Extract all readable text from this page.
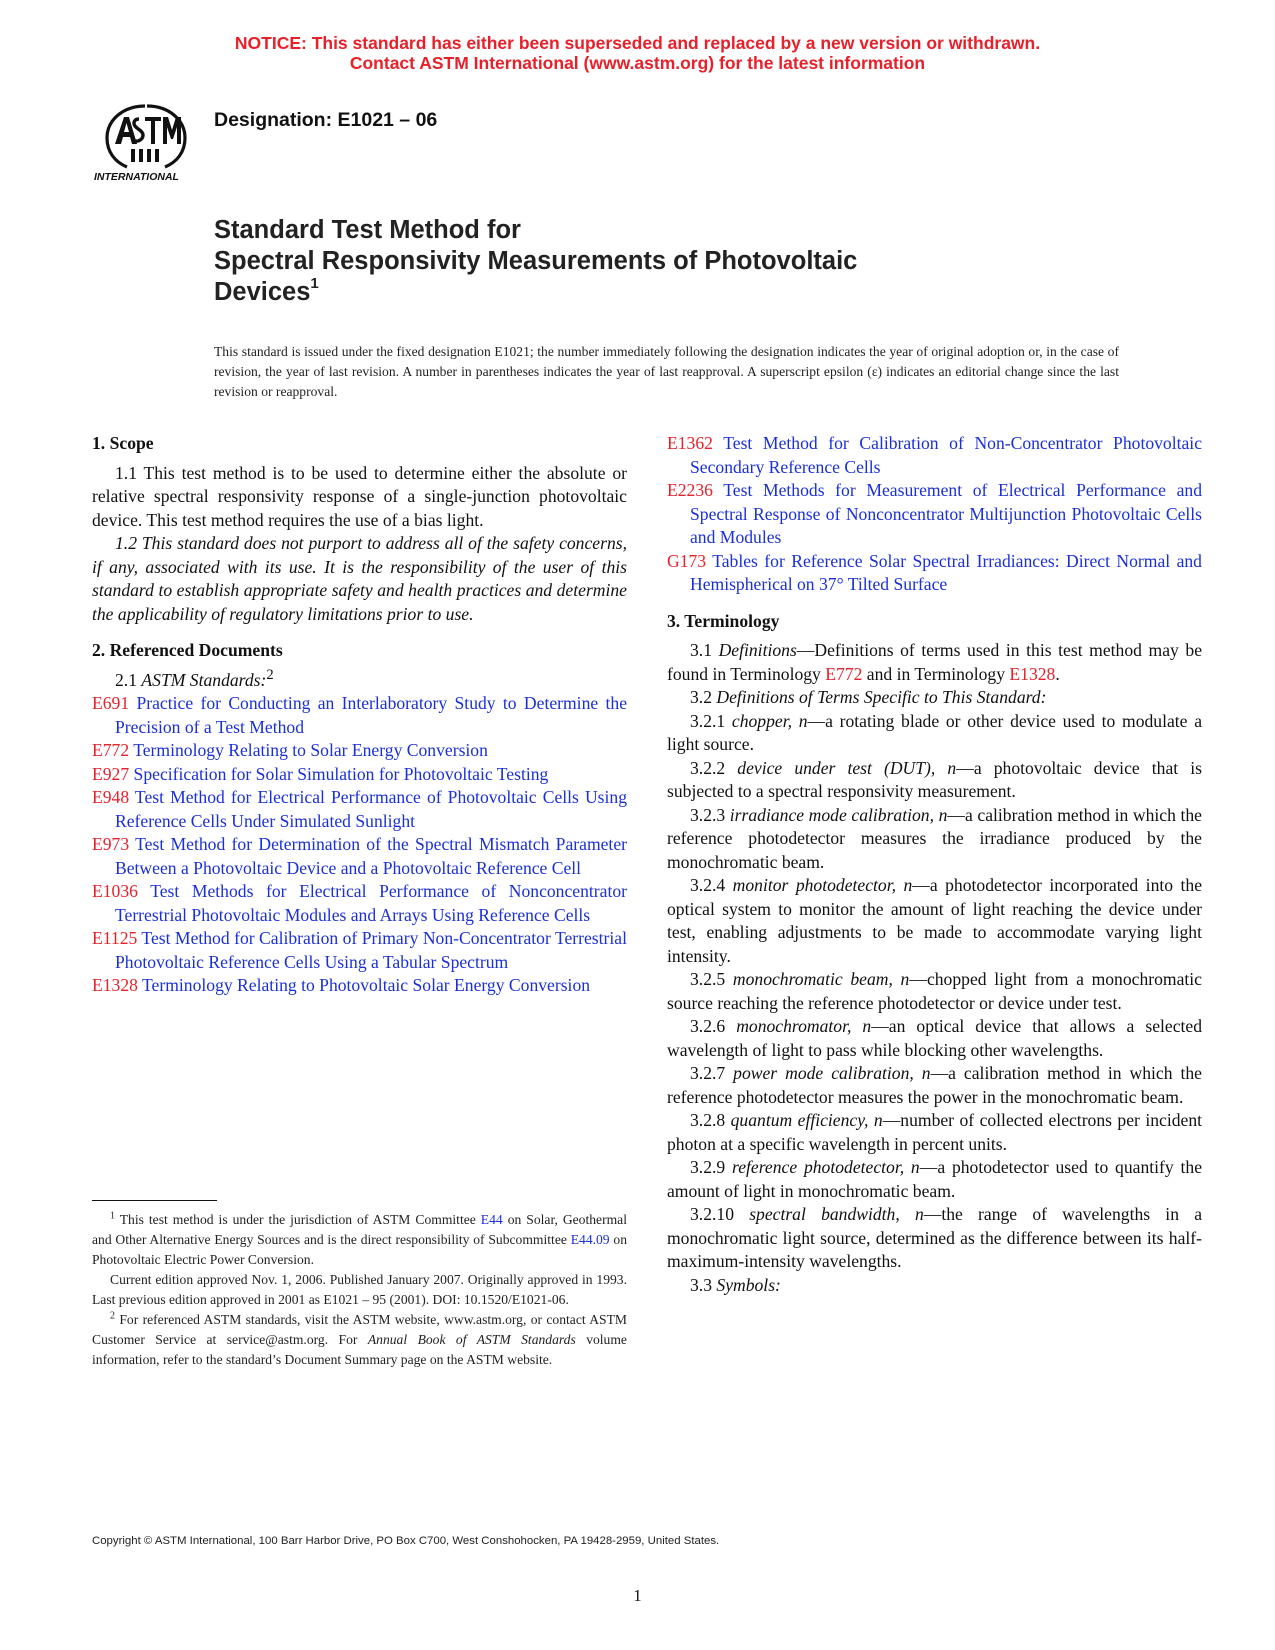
NOTICE: This standard has either been superseded and replaced by a new version or withdrawn.
Contact ASTM International (www.astm.org) for the latest information
INTERNATIONAL
Designation: E1021 – 06
Standard Test Method for
Spectral Responsivity Measurements of Photovoltaic
Devices$^1$
This standard is issued under the fixed designation E1021; the number immediately following the designation indicates the year of original adoption or, in the case of revision, the year of last revision. A number in parentheses indicates the year of last reapproval. A superscript epsilon (ε) indicates an editorial change since the last revision or reapproval.
1. Scope

1.1 This test method is to be used to determine either the absolute or relative spectral responsivity response of a single-junction photovoltaic device. This test method requires the use of a bias light.

1.2 This standard does not purport to address all of the safety concerns, if any, associated with its use. It is the responsibility of the user of this standard to establish appropriate safety and health practices and determine the applicability of regulatory limitations prior to use.

2. Referenced Documents

2.1 ASTM Standards:$^2$

E691 Practice for Conducting an Interlaboratory Study to Determine the Precision of a Test Method

E772 Terminology Relating to Solar Energy Conversion

E927 Specification for Solar Simulation for Photovoltaic Testing

E948 Test Method for Electrical Performance of Photovoltaic Cells Using Reference Cells Under Simulated Sunlight

E973 Test Method for Determination of the Spectral Mismatch Parameter Between a Photovoltaic Device and a Photovoltaic Reference Cell

E1036 Test Methods for Electrical Performance of Nonconcentrator Terrestrial Photovoltaic Modules and Arrays Using Reference Cells

E1125 Test Method for Calibration of Primary Non-Concentrator Terrestrial Photovoltaic Reference Cells Using a Tabular Spectrum

E1328 Terminology Relating to Photovoltaic Solar Energy Conversion

$^1$ This test method is under the jurisdiction of ASTM Committee E44 on Solar, Geothermal and Other Alternative Energy Sources and is the direct responsibility of Subcommittee E44.09 on Photovoltaic Electric Power Conversion.

Current edition approved Nov. 1, 2006. Published January 2007. Originally approved in 1993. Last previous edition approved in 2001 as E1021 – 95 (2001). DOI: 10.1520/E1021-06.

$^2$ For referenced ASTM standards, visit the ASTM website, www.astm.org, or contact ASTM Customer Service at service@astm.org. For Annual Book of ASTM Standards volume information, refer to the standard’s Document Summary page on the ASTM website.

E1362 Test Method for Calibration of Non-Concentrator Photovoltaic Secondary Reference Cells

E2236 Test Methods for Measurement of Electrical Performance and Spectral Response of Nonconcentrator Multijunction Photovoltaic Cells and Modules

G173 Tables for Reference Solar Spectral Irradiances: Direct Normal and Hemispherical on 37° Tilted Surface

3. Terminology

3.1 Definitions—Definitions of terms used in this test method may be found in Terminology E772 and in Terminology E1328.

3.2 Definitions of Terms Specific to This Standard:

3.2.1 chopper, n—a rotating blade or other device used to modulate a light source.

3.2.2 device under test (DUT), n—a photovoltaic device that is subjected to a spectral responsivity measurement.

3.2.3 irradiance mode calibration, n—a calibration method in which the reference photodetector measures the irradiance produced by the monochromatic beam.

3.2.4 monitor photodetector, n—a photodetector incorporated into the optical system to monitor the amount of light reaching the device under test, enabling adjustments to be made to accommodate varying light intensity.

3.2.5 monochromatic beam, n—chopped light from a monochromatic source reaching the reference photodetector or device under test.

3.2.6 monochromator, n—an optical device that allows a selected wavelength of light to pass while blocking other wavelengths.

3.2.7 power mode calibration, n—a calibration method in which the reference photodetector measures the power in the monochromatic beam.

3.2.8 quantum efficiency, n—number of collected electrons per incident photon at a specific wavelength in percent units.

3.2.9 reference photodetector, n—a photodetector used to quantify the amount of light in monochromatic beam.

3.2.10 spectral bandwidth, n—the range of wavelengths in a monochromatic light source, determined as the difference between its half-maximum-intensity wavelengths.

3.3 Symbols:

Copyright © ASTM International, 100 Barr Harbor Drive, PO Box C700, West Conshohocken, PA 19428-2959, United States.
1
